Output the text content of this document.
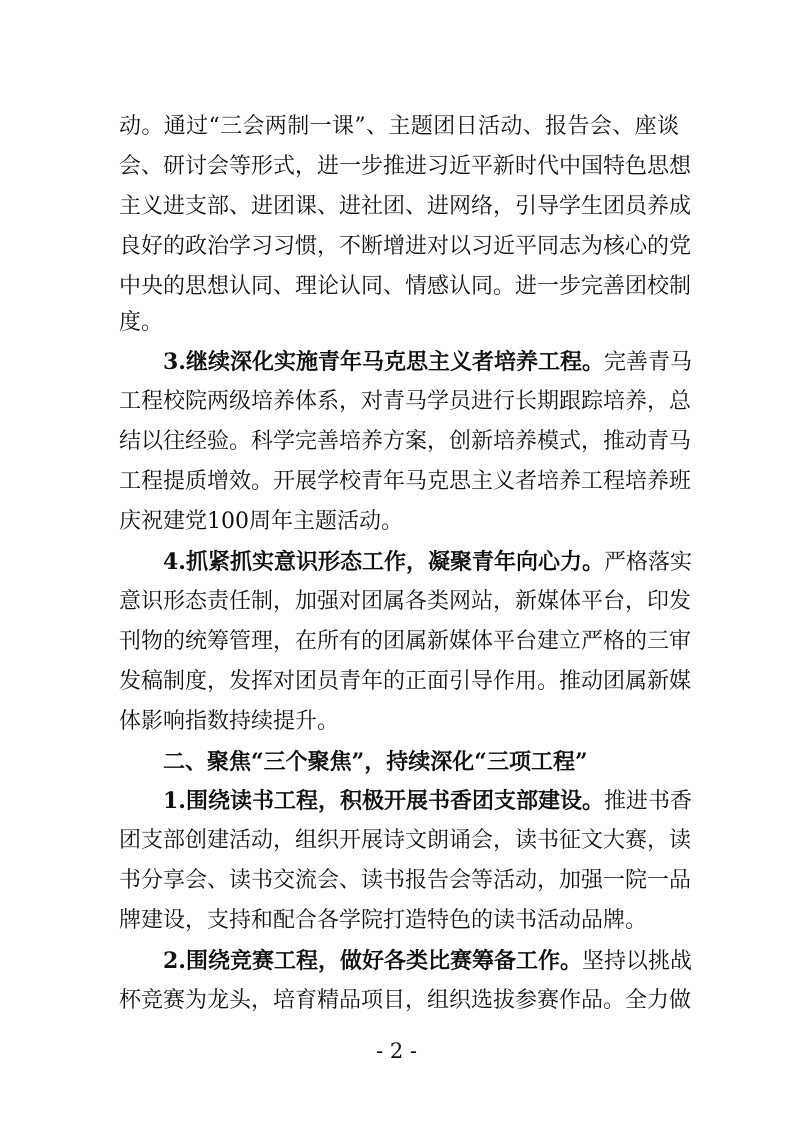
动。通过“三会两制一课”、主题团日活动、报告会、座谈
会、研讨会等形式，进一步推进习近平新时代中国特色思想
主义进支部、进团课、进社团、进网络，引导学生团员养成
良好的政治学习习惯，不断增进对以习近平同志为核心的党
中央的思想认同、理论认同、情感认同。进一步完善团校制
度。
3.继续深化实施青年马克思主义者培养工程。完善青马
工程校院两级培养体系，对青马学员进行长期跟踪培养，总
结以往经验。科学完善培养方案，创新培养模式，推动青马
工程提质增效。开展学校青年马克思主义者培养工程培养班
庆祝建党100周年主题活动。
4.抓紧抓实意识形态工作，凝聚青年向心力。严格落实
意识形态责任制，加强对团属各类网站，新媒体平台，印发
刊物的统筹管理，在所有的团属新媒体平台建立严格的三审
发稿制度，发挥对团员青年的正面引导作用。推动团属新媒
体影响指数持续提升。
二、聚焦“三个聚焦”，持续深化“三项工程”
1.围绕读书工程，积极开展书香团支部建设。推进书香
团支部创建活动，组织开展诗文朗诵会，读书征文大赛，读
书分享会、读书交流会、读书报告会等活动，加强一院一品
牌建设，支持和配合各学院打造特色的读书活动品牌。
2.围绕竞赛工程，做好各类比赛筹备工作。坚持以挑战
杯竞赛为龙头，培育精品项目，组织选拔参赛作品。全力做
- 2 -
